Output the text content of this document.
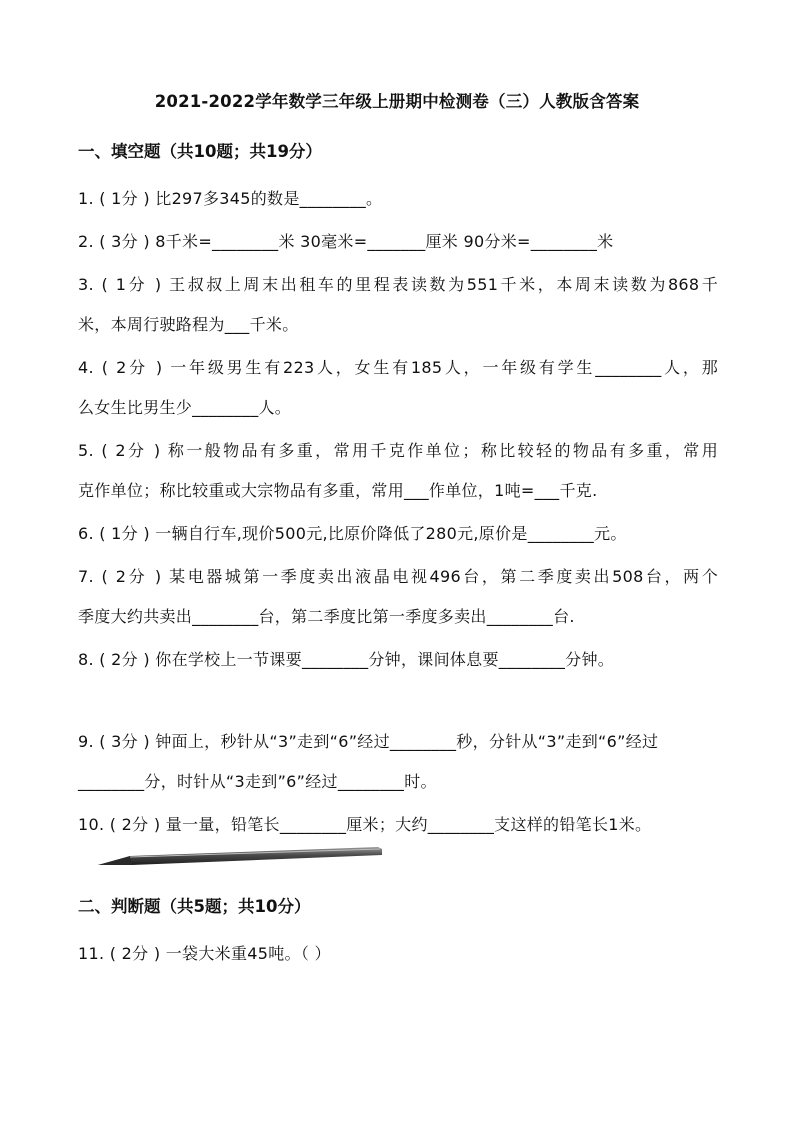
2021-2022学年数学三年级上册期中检测卷（三）人教版含答案
一、填空题（共10题；共19分）
1. ( 1分 ) 比297多345的数是________。
2. ( 3分 ) 8千米=________米 30毫米=_______厘米 90分米=________米
3. ( 1分 ) 王叔叔上周末出租车的里程表读数为551千米，本周末读数为868千
米，本周行驶路程为___千米。
4. ( 2分 ) 一年级男生有223人，女生有185人，一年级有学生________人，那
么女生比男生少________人。
5. ( 2分 ) 称一般物品有多重，常用千克作单位；称比较轻的物品有多重，常用
克作单位；称比较重或大宗物品有多重，常用___作单位，1吨=___千克.
6. ( 1分 ) 一辆自行车,现价500元,比原价降低了280元,原价是________元。
7. ( 2分 ) 某电器城第一季度卖出液晶电视496台，第二季度卖出508台，两个
季度大约共卖出________台，第二季度比第一季度多卖出________台.
8. ( 2分 ) 你在学校上一节课要________分钟，课间体息要________分钟。
9. ( 3分 ) 钟面上，秒针从“3”走到“6”经过________秒，分针从“3”走到“6”经过
________分，时针从“3走到”6”经过________时。
10. ( 2分 ) 量一量，铅笔长________厘米；大约________支这样的铅笔长1米。
二、判断题（共5题；共10分）
11. ( 2分 ) 一袋大米重45吨。（ ）
